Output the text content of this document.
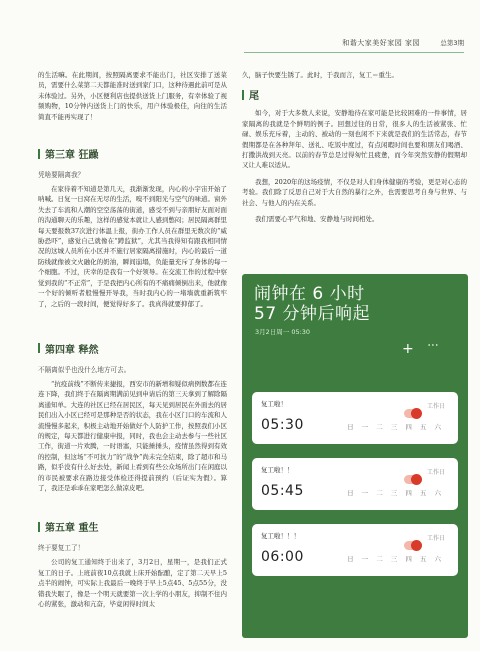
和谐大家美好家园 家园	总第3期

的生活嘛。在此期间，按照隔离要求不能出门，社区安排了送菜员，需要什么菜第二天都能准时送到家门口，这种待遇此前可是从未体验过。另外，小区便利店也提供送货上门服务，有幸体验了视频购物，10分钟内送货上门的快乐，用户体验极佳，向往的生活简直不能再实现了！

第三章 狂躁
凭啥要隔离我？

在家待着不知道是第几天，我渐渐发现，内心的小宇宙开始了呐喊。日复一日窝在无尽的生活，嗅不到阳光与空气的味道。窗外失去了车流和人潮的空空荡荡的街道，感受不到与亲朋好友面对面的沟通聊天的乐趣，这样的感觉本就让人感到憋闷；居民隔离群里每天要报数37次进行体温上报，街办工作人员在群里无数次的“威胁恐吓”，感觉自己就像在“蹲监狱”，尤其当我得知有跟我相同情况的这城人员所在小区并不施行居家隔离措施时，内心的最后一道防线就像被文火融化的奶油，瞬间崩塌，负能量充斥了身体的每一个细胞。不过，庆幸的是我有一个好领导。在交流工作的过程中察觉到我的“不正常”，于是我把内心所有的不痛痛倾倒出来，他就像一个好的倾听者般慢慢开导我，当时我内心的一堵墙就重新筑牢了，之后的一段时间，便觉得好多了。我真得就要抑郁了。

第四章 释然
不隔离似乎也没什么地方可去。

“抗疫前线”不断传来捷报，西安市的新增和疑似病例数都在连连下降，我们终于在隔离期满前见到申请后的第三天拿到了解除隔离通知单。大连的社区已经在居民区，每天见到居民在外面去的居民们出入小区已经可是那种是否的状态，我在小区门口的车流和人流慢慢多起来，积极主动地开始做好个人防护工作，按照我们小区的规定，每天都进行健康申报，同时，我也会主动去参与一些社区工作，街道一片欢腾，一时语塞，只能捶捶头，疫情虽然得到有效的控制，但这场“不可抗力”的“战争”尚未完全结束，除了超市和马路，似乎没有什么好去处，新闻上看到有些公众场所出门在闲庭以的市民被要求在路边接受体检还得提前预约（后证实为假）。算了，我还是乖乖在家吧怎么做凉皮吧。

第五章 重生
终于要复工了！

公司的复工通知终于出来了，3月2日，星期一，是我们正式复工的日子。上班前夜10点我就上床开始酝酿，定了第二天早上5点半的闹钟，可实际上我最后一晚终于早上5点45、5点55分，没错我失眠了，像是一个明天就要第一次上学的小朋友，抑制不住内心的紧张，激动和亢奋，毕竟闲得时间太

久，脑子快要生锈了。此时，于我而言，复工＝重生。

尾

如今，对于大多数人来说，安静地待在家可能是比较困难的一件事情，居家隔离的我就是个鲜明的例子。回想过往的日常，很多人的生活被紧张、忙碌、娱乐充斥着，主动的、被动的一刻也闲不下来就是我们的生活常态，春节假期都是在各种拜年、送礼、吃饭中度过，有点闲暇时间也要和朋友们喝酒、打撒洪战到天亮。以前的春节总是过得匆忙且疲惫，而今年突然安静的假期却又让人难以适从。

我想，2020年的这场疫情，不仅是对人们身体健康的考验，更是对心态的考验。我们除了反思自己对于大自然的暴行之外，也需要思考自身与世界、与社会、与他人的内在关系。

我们需要心平气和地、安静地与时间相处。

闹钟在 6 小时
57 分钟后响起
3月2日周一 05:30
+ ⋮
复工啦！
05:30
工作日
日 一 二 三 四 五 六
复工啦！！
05:45
工作日
日 一 二 三 四 五 六
复工啦！！！
06:00
工作日
日 一 二 三 四 五 六
